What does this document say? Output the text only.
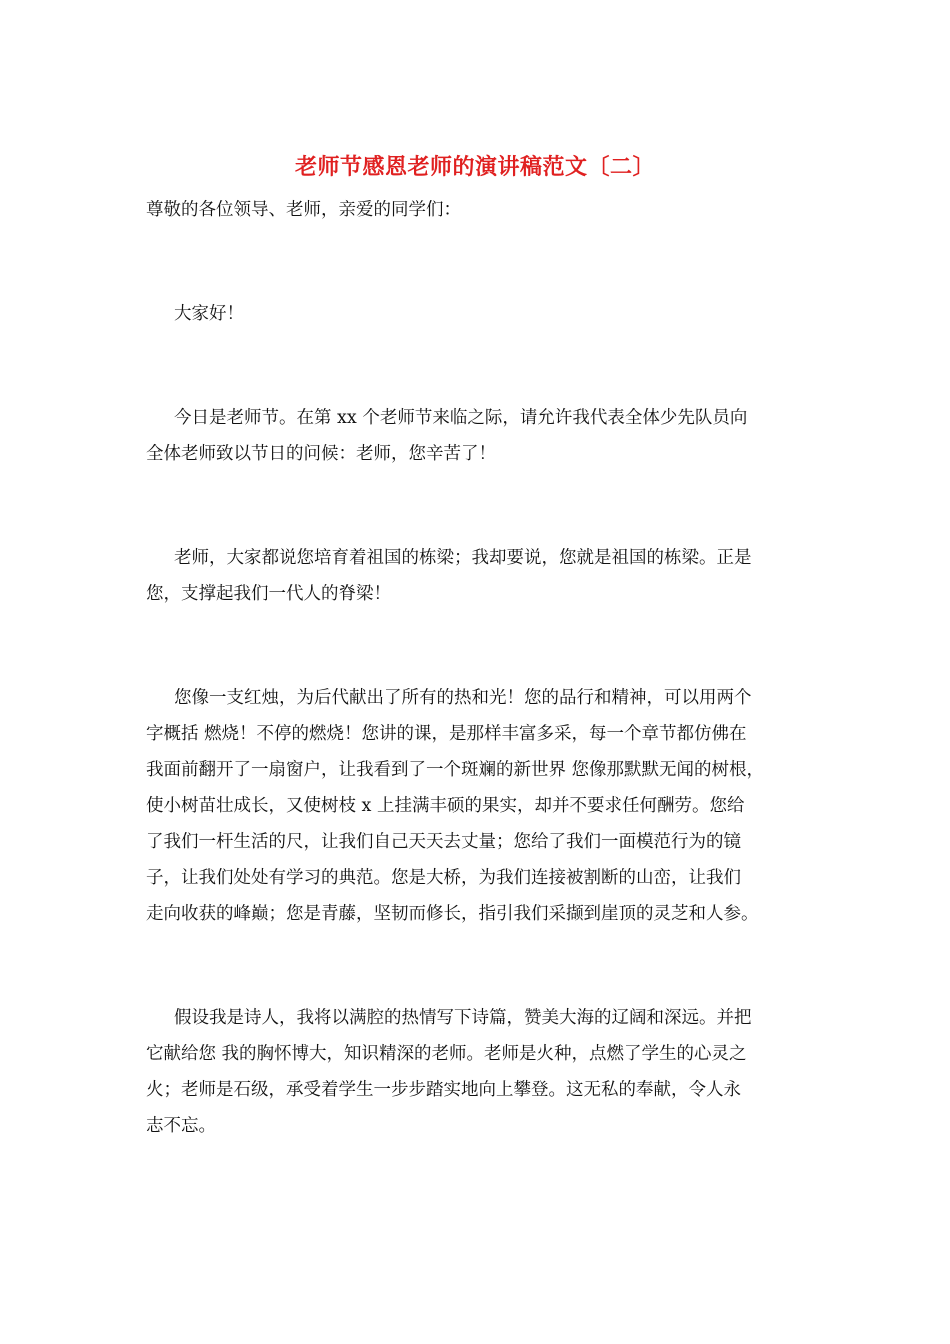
老师节感恩老师的演讲稿范文〔二〕

尊敬的各位领导、老师，亲爱的同学们：

大家好！

今日是老师节。在第 xx 个老师节来临之际，请允许我代表全体少先队员向

全体老师致以节日的问候：老师，您辛苦了！

老师，大家都说您培育着祖国的栋梁；我却要说，您就是祖国的栋梁。正是

您，支撑起我们一代人的脊梁！

您像一支红烛，为后代献出了所有的热和光！您的品行和精神，可以用两个

字概括 燃烧！不停的燃烧！您讲的课，是那样丰富多采，每一个章节都仿佛在

我面前翻开了一扇窗户，让我看到了一个斑斓的新世界 您像那默默无闻的树根，

使小树苗壮成长，又使树枝 x 上挂满丰硕的果实，却并不要求任何酬劳。您给

了我们一杆生活的尺，让我们自己天天去丈量；您给了我们一面模范行为的镜

子，让我们处处有学习的典范。您是大桥，为我们连接被割断的山峦，让我们

走向收获的峰巅；您是青藤，坚韧而修长，指引我们采撷到崖顶的灵芝和人参。

假设我是诗人，我将以满腔的热情写下诗篇，赞美大海的辽阔和深远。并把

它献给您 我的胸怀博大，知识精深的老师。老师是火种，点燃了学生的心灵之

火；老师是石级，承受着学生一步步踏实地向上攀登。这无私的奉献，令人永

志不忘。
